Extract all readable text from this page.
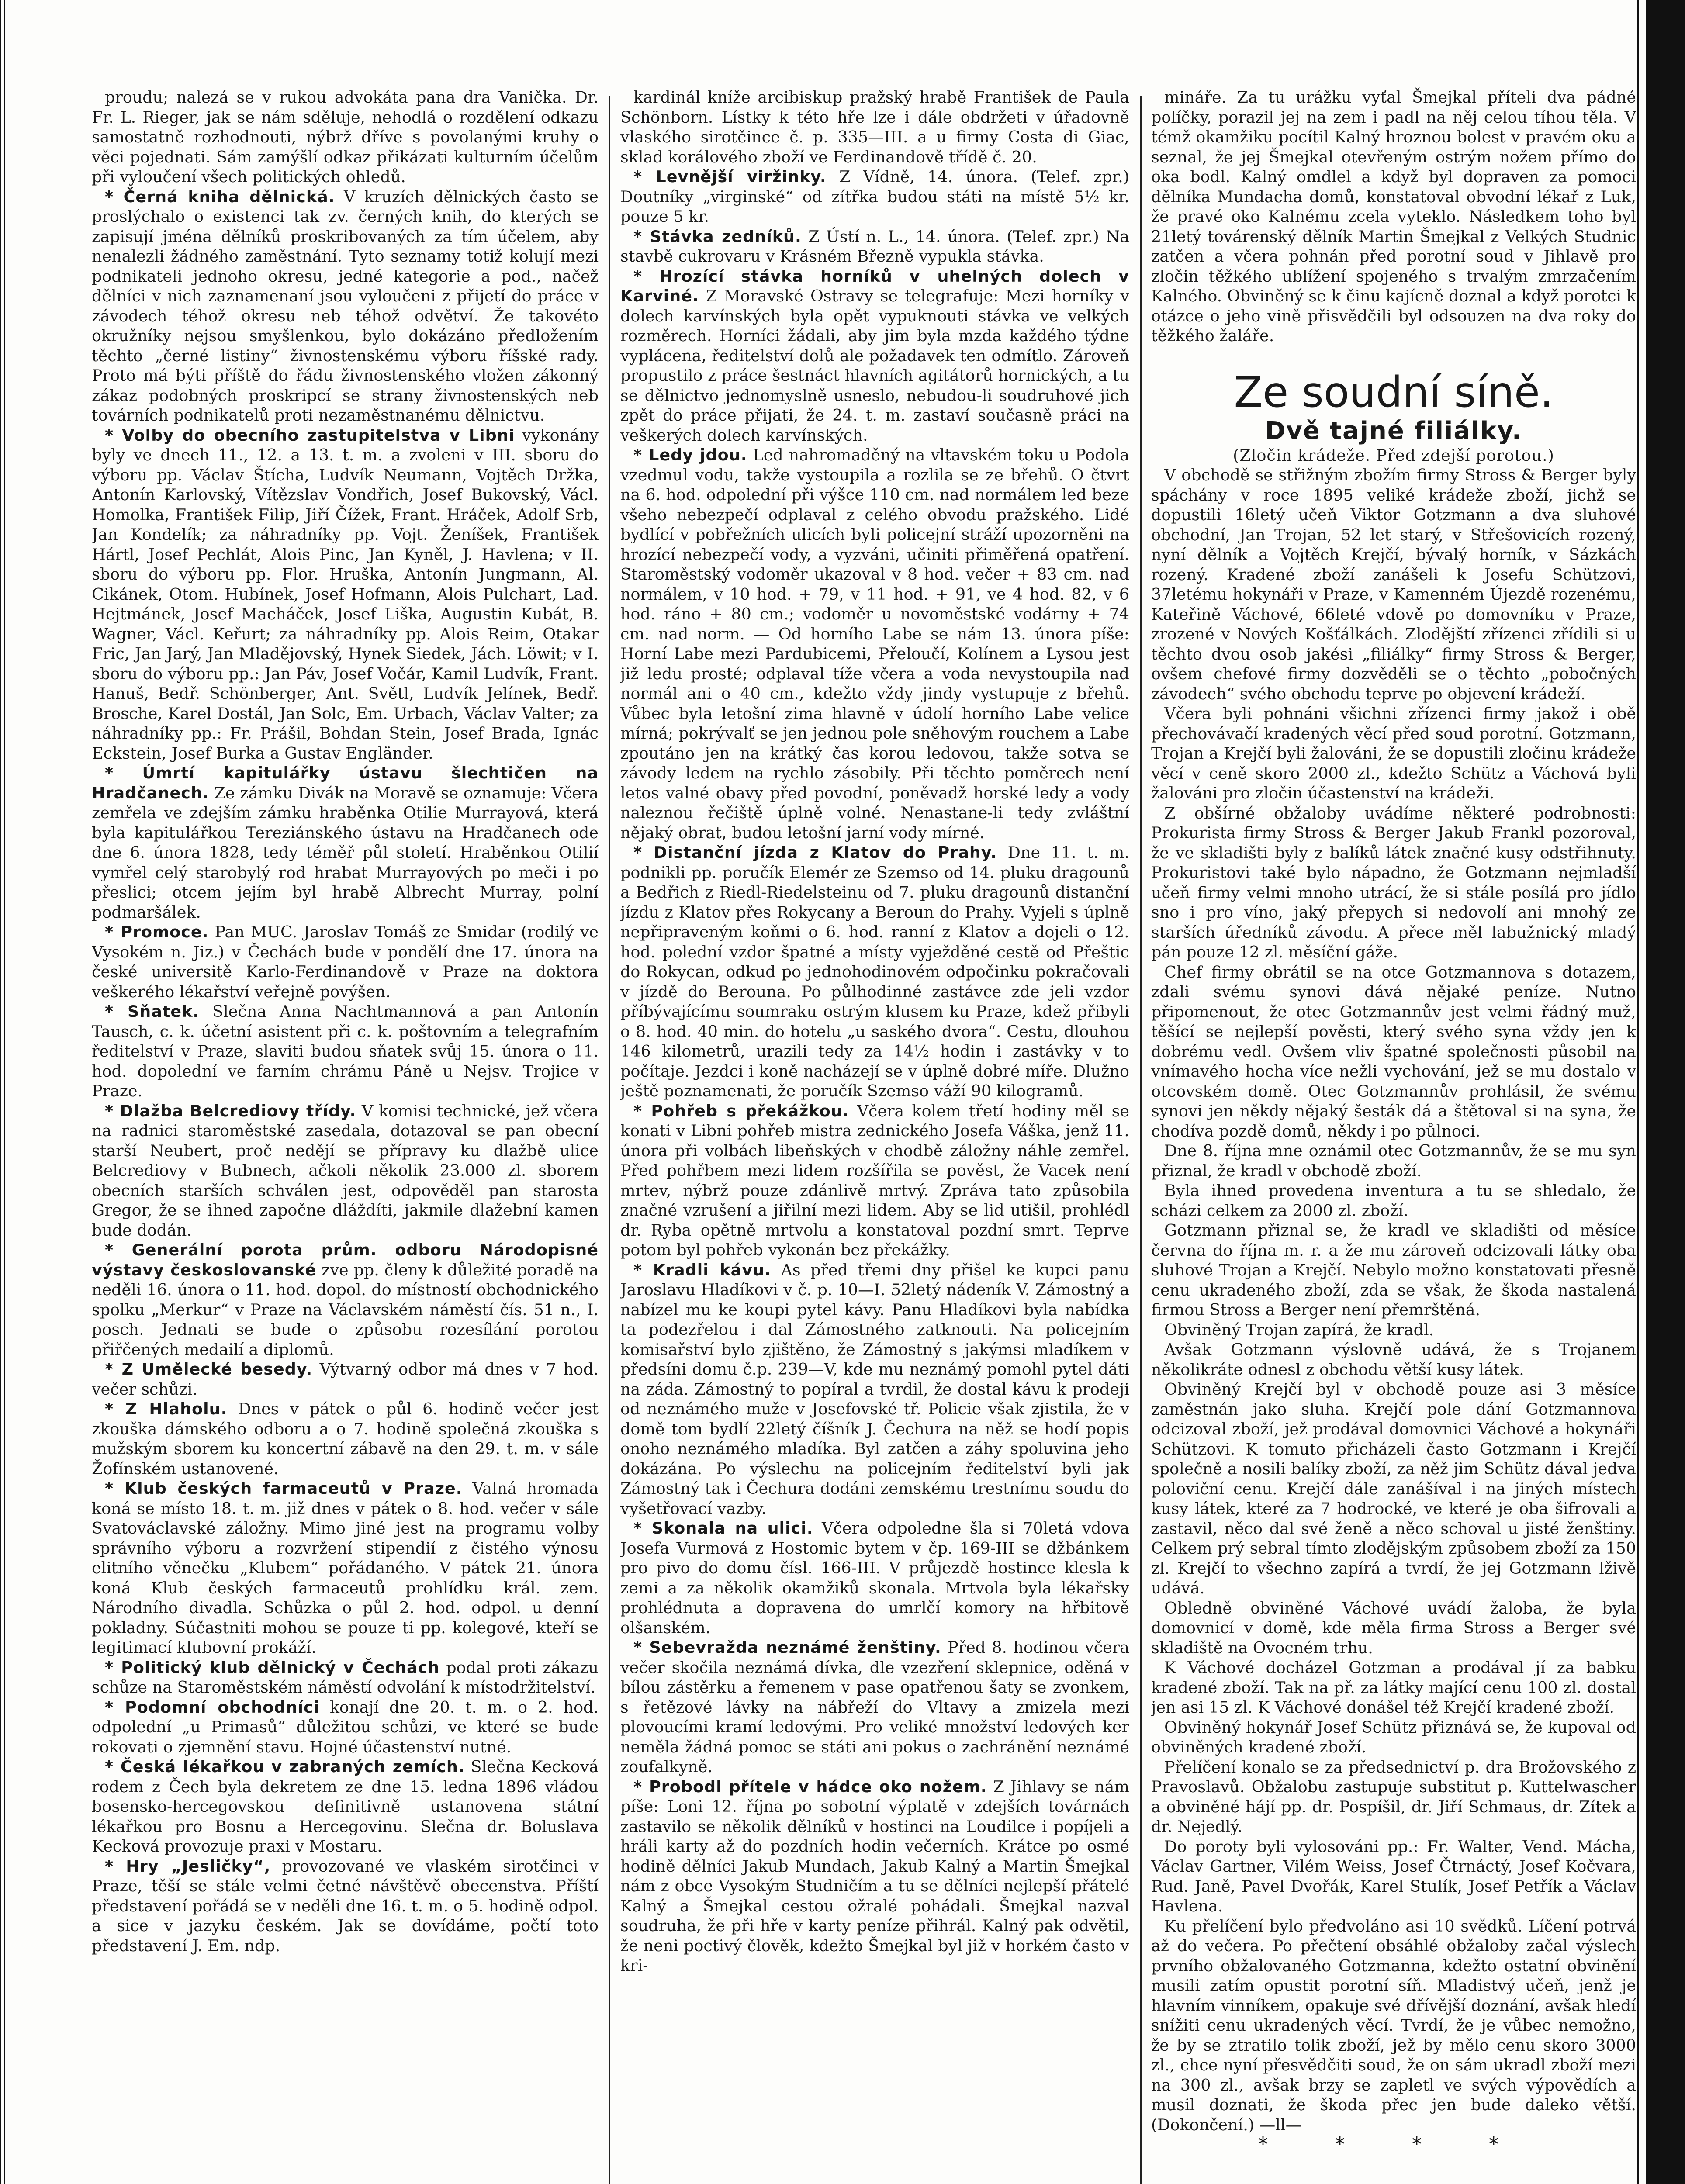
proudu; nalezá se v rukou advokáta pana dra Vanička. Dr. Fr. L. Rieger, jak se nám sděluje, nehodlá o rozdělení odkazu samostatně rozhodnouti, nýbrž dříve s povolanými kruhy o věci pojednati. Sám zamýšlí odkaz přikázati kulturním účelům při vyloučení všech politických ohledů.

* Černá kniha dělnická. V kruzích dělnických často se proslýchalo o existenci tak zv. černých knih, do kterých se zapisují jména dělníků proskribovaných za tím účelem, aby nenalezli žádného zaměstnání. Tyto seznamy totiž kolují mezi podnikateli jednoho okresu, jedné kategorie a pod., načež dělníci v nich zaznamenaní jsou vyloučeni z přijetí do práce v závodech téhož okresu neb téhož odvětví. Že takovéto okružníky nejsou smyšlenkou, bylo dokázáno předložením těchto „černé listiny“ živnostenskému výboru říšské rady. Proto má býti příště do řádu živnostenského vložen zákonný zákaz podobných proskripcí se strany živnostenských neb továrních podnikatelů proti nezaměstnanému dělnictvu.

* Volby do obecního zastupitelstva v Libni vykonány byly ve dnech 11., 12. a 13. t. m. a zvoleni v III. sboru do výboru pp. Václav Štícha, Ludvík Neumann, Vojtěch Držka, Antonín Karlovský, Vítězslav Vondřich, Josef Bukovský, Václ. Homolka, František Filip, Jiří Čížek, Frant. Hráček, Adolf Srb, Jan Kondelík; za náhradníky pp. Vojt. Ženíšek, František Hártl, Josef Pechlát, Alois Pinc, Jan Kyněl, J. Havlena; v II. sboru do výboru pp. Flor. Hruška, Antonín Jungmann, Al. Cikánek, Otom. Hubínek, Josef Hofmann, Alois Pulchart, Lad. Hejtmánek, Josef Macháček, Josef Liška, Augustin Kubát, B. Wagner, Václ. Keřurt; za náhradníky pp. Alois Reim, Otakar Fric, Jan Jarý, Jan Mladějovský, Hynek Siedek, Jách. Löwit; v I. sboru do výboru pp.: Jan Páv, Josef Vočár, Kamil Ludvík, Frant. Hanuš, Bedř. Schönberger, Ant. Světl, Ludvík Jelínek, Bedř. Brosche, Karel Dostál, Jan Solc, Em. Urbach, Václav Valter; za náhradníky pp.: Fr. Prášil, Bohdan Stein, Josef Brada, Ignác Eckstein, Josef Burka a Gustav Engländer.

* Úmrtí kapitulářky ústavu šlechtičen na Hradčanech. Ze zámku Divák na Moravě se oznamuje: Včera zemřela ve zdejším zámku hraběnka Otilie Murrayová, která byla kapitulářkou Tereziánského ústavu na Hradčanech ode dne 6. února 1828, tedy téměř půl století. Hraběnkou Otilií vymřel celý starobylý rod hrabat Murrayových po meči i po přeslici; otcem jejím byl hrabě Albrecht Murray, polní podmaršálek.

* Promoce. Pan MUC. Jaroslav Tomáš ze Smidar (rodilý ve Vysokém n. Jiz.) v Čechách bude v pondělí dne 17. února na české universitě Karlo-Ferdinandově v Praze na doktora veškerého lékařství veřejně povýšen.

* Sňatek. Slečna Anna Nachtmannová a pan Antonín Tausch, c. k. účetní asistent při c. k. poštovním a telegrafním ředitelství v Praze, slaviti budou sňatek svůj 15. února o 11. hod. dopolední ve farním chrámu Páně u Nejsv. Trojice v Praze.

* Dlažba Belcrediovy třídy. V komisi technické, jež včera na radnici staroměstské zasedala, dotazoval se pan obecní starší Neubert, proč nedějí se přípravy ku dlažbě ulice Belcrediovy v Bubnech, ačkoli několik 23.000 zl. sborem obecních starších schválen jest, odpověděl pan starosta Gregor, že se ihned započne dláždíti, jakmile dlažební kamen bude dodán.

* Generální porota prům. odboru Národopisné výstavy českoslovanské zve pp. členy k důležité poradě na neděli 16. února o 11. hod. dopol. do místností obchodnického spolku „Merkur“ v Praze na Václavském náměstí čís. 51 n., I. posch. Jednati se bude o způsobu rozesílání porotou přiřčených medailí a diplomů.

* Z Umělecké besedy. Výtvarný odbor má dnes v 7 hod. večer schůzi.

* Z Hlaholu. Dnes v pátek o půl 6. hodině večer jest zkouška dámského odboru a o 7. hodině společná zkouška s mužským sborem ku koncertní zábavě na den 29. t. m. v sále Žofínském ustanovené.

* Klub českých farmaceutů v Praze. Valná hromada koná se místo 18. t. m. již dnes v pátek o 8. hod. večer v sále Svatováclavské záložny. Mimo jiné jest na programu volby správního výboru a rozvržení stipendií z čistého výnosu elitního věnečku „Klubem“ pořádaného. V pátek 21. února koná Klub českých farmaceutů prohlídku král. zem. Národního divadla. Schůzka o půl 2. hod. odpol. u denní pokladny. Súčastniti mohou se pouze ti pp. kolegové, kteří se legitimací klubovní prokáží.

* Politický klub dělnický v Čechách podal proti zákazu schůze na Staroměstském náměstí odvolání k místodržitelství.

* Podomní obchodníci konají dne 20. t. m. o 2. hod. odpolední „u Primasů“ důležitou schůzi, ve které se bude rokovati o zjemnění stavu. Hojné účastenství nutné.

* Česká lékařkou v zabraných zemích. Slečna Kecková rodem z Čech byla dekretem ze dne 15. ledna 1896 vládou bosensko-hercegovskou definitivně ustanovena státní lékařkou pro Bosnu a Hercegovinu. Slečna dr. Boluslava Kecková provozuje praxi v Mostaru.

* Hry „Jesličky“, provozované ve vlaském sirotčinci v Praze, těší se stále velmi četné návštěvě obecenstva. Příští představení pořádá se v neděli dne 16. t. m. o 5. hodině odpol. a sice v jazyku českém. Jak se dovídáme, počtí toto představení J. Em. ndp.

kardinál kníže arcibiskup pražský hrabě František de Paula Schönborn. Lístky k této hře lze i dále obdržeti v úřadovně vlaského sirotčince č. p. 335—III. a u firmy Costa di Giac, sklad korálového zboží ve Ferdinandově třídě č. 20.

* Levnější viržinky. Z Vídně, 14. února. (Telef. zpr.) Doutníky „virginské“ od zítřka budou státi na místě 5½ kr. pouze 5 kr.

* Stávka zedníků. Z Ústí n. L., 14. února. (Telef. zpr.) Na stavbě cukrovaru v Krásném Březně vypukla stávka.

* Hrozící stávka horníků v uhelných dolech v Karviné. Z Moravské Ostravy se telegrafuje: Mezi horníky v dolech karvínských byla opět vypuknouti stávka ve velkých rozměrech. Horníci žádali, aby jim byla mzda každého týdne vyplácena, ředitelství dolů ale požadavek ten odmítlo. Zároveň propustilo z práce šestnáct hlavních agitátorů hornických, a tu se dělnictvo jednomyslně usneslo, nebudou-li soudruhové jich zpět do práce přijati, že 24. t. m. zastaví současně práci na veškerých dolech karvínských.

* Ledy jdou. Led nahromaděný na vltavském toku u Podola vzedmul vodu, takže vystoupila a rozlila se ze břehů. O čtvrt na 6. hod. odpolední při výšce 110 cm. nad normálem led beze všeho nebezpečí odplaval z celého obvodu pražského. Lidé bydlící v pobřežních ulicích byli policejní stráží upozorněni na hrozící nebezpečí vody, a vyzváni, učiniti přiměřená opatření. Staroměstský vodoměr ukazoval v 8 hod. večer + 83 cm. nad normálem, v 10 hod. + 79, v 11 hod. + 91, ve 4 hod. 82, v 6 hod. ráno + 80 cm.; vodoměr u novoměstské vodárny + 74 cm. nad norm. — Od horního Labe se nám 13. února píše: Horní Labe mezi Pardubicemi, Přeloučí, Kolínem a Lysou jest již ledu prosté; odplaval tíže včera a voda nevystoupila nad normál ani o 40 cm., kdežto vždy jindy vystupuje z břehů. Vůbec byla letošní zima hlavně v údolí horního Labe velice mírná; pokrývalť se jen jednou pole sněhovým rouchem a Labe zpoutáno jen na krátký čas korou ledovou, takže sotva se závody ledem na rychlo zásobily. Při těchto poměrech není letos valné obavy před povodní, poněvadž horské ledy a vody naleznou řečiště úplně volné. Nenastane-li tedy zvláštní nějaký obrat, budou letošní jarní vody mírné.

* Distanční jízda z Klatov do Prahy. Dne 11. t. m. podnikli pp. poručík Elemér ze Szemso od 14. pluku dragounů a Bedřich z Riedl-Riedelsteinu od 7. pluku dragounů distanční jízdu z Klatov přes Rokycany a Beroun do Prahy. Vyjeli s úplně nepřipraveným koňmi o 6. hod. ranní z Klatov a dojeli o 12. hod. polední vzdor špatné a místy vyježděné cestě od Přeštic do Rokycan, odkud po jednohodinovém odpočinku pokračovali v jízdě do Berouna. Po půlhodinné zastávce zde jeli vzdor příbývajícímu soumraku ostrým klusem ku Praze, kdež přibyli o 8. hod. 40 min. do hotelu „u saského dvora“. Cestu, dlouhou 146 kilometrů, urazili tedy za 14½ hodin i zastávky v to počítaje. Jezdci i koně nacházejí se v úplně dobré míře. Dlužno ještě poznamenati, že poručík Szemso váží 90 kilogramů.

* Pohřeb s překážkou. Včera kolem třetí hodiny měl se konati v Libni pohřeb mistra zednického Josefa Váška, jenž 11. února při volbách libeňských v chodbě záložny náhle zemřel. Před pohřbem mezi lidem rozšířila se pověst, že Vacek není mrtev, nýbrž pouze zdánlivě mrtvý. Zpráva tato způsobila značné vzrušení a jiřilní mezi lidem. Aby se lid utišil, prohlédl dr. Ryba opětně mrtvolu a konstatoval pozdní smrt. Teprve potom byl pohřeb vykonán bez překážky.

* Kradli kávu. As před třemi dny přišel ke kupci panu Jaroslavu Hladíkovi v č. p. 10—I. 52letý nádeník V. Zámostný a nabízel mu ke koupi pytel kávy. Panu Hladíkovi byla nabídka ta podezřelou i dal Zámostného zatknouti. Na policejním komisařství bylo zjištěno, že Zámostný s jakýmsi mladíkem v předsíni domu č.p. 239—V, kde mu neznámý pomohl pytel dáti na záda. Zámostný to popíral a tvrdil, že dostal kávu k prodeji od neznámého muže v Josefovské tř. Policie však zjistila, že v domě tom bydlí 22letý číšník J. Čechura na něž se hodí popis onoho neznámého mladíka. Byl zatčen a záhy spoluvina jeho dokázána. Po výslechu na policejním ředitelství byli jak Zámostný tak i Čechura dodáni zemskému trestnímu soudu do vyšetřovací vazby.

* Skonala na ulici. Včera odpoledne šla si 70letá vdova Josefa Vurmová z Hostomic bytem v čp. 169-III se džbánkem pro pivo do domu čísl. 166-III. V průjezdě hostince klesla k zemi a za několik okamžiků skonala. Mrtvola byla lékařsky prohlédnuta a dopravena do umrlčí komory na hřbitově olšanském.

* Sebevražda neznámé ženštiny. Před 8. hodinou včera večer skočila neznámá dívka, dle vzezření sklepnice, oděná v bílou zástěrku a řemenem v pase opatřenou šaty se zvonkem, s řetězové lávky na nábřeží do Vltavy a zmizela mezi plovoucími kramí ledovými. Pro veliké množství ledových ker neměla žádná pomoc se státi ani pokus o zachránění neznámé zoufalkyně.

* Probodl přítele v hádce oko nožem. Z Jihlavy se nám píše: Loni 12. října po sobotní výplatě v zdejších továrnách zastavilo se několik dělníků v hostinci na Loudilce i popíjeli a hráli karty až do pozdních hodin večerních. Krátce po osmé hodině dělníci Jakub Mundach, Jakub Kalný a Martin Šmejkal nám z obce Vysokým Studničím a tu se dělníci nejlepší přátelé Kalný a Šmejkal cestou ožralé pohádali. Šmejkal nazval soudruha, že při hře v karty peníze přihrál. Kalný pak odvětil, že neni poctivý člověk, kdežto Šmejkal byl již v horkém často v kri-

mináře. Za tu urážku vyťal Šmejkal příteli dva pádné políčky, porazil jej na zem i padl na něj celou tíhou těla. V témž okamžiku pocítil Kalný hroznou bolest v pravém oku a seznal, že jej Šmejkal otevřeným ostrým nožem přímo do oka bodl. Kalný omdlel a když byl dopraven za pomoci dělníka Mundacha domů, konstatoval obvodní lékař z Luk, že pravé oko Kalnému zcela vyteklo. Následkem toho byl 21letý továrenský dělník Martin Šmejkal z Velkých Studnic zatčen a včera pohnán před porotní soud v Jihlavě pro zločin těžkého ublížení spojeného s trvalým zmrzačením Kalného. Obviněný se k činu kajícně doznal a když porotci k otázce o jeho vině přisvědčili byl odsouzen na dva roky do těžkého žaláře.

Ze soudní síně.

Dvě tajné filiálky.

(Zločin krádeže. Před zdejší porotou.)

V obchodě se střižným zbožím firmy Stross & Berger byly spáchány v roce 1895 veliké krádeže zboží, jichž se dopustili 16letý učeň Viktor Gotzmann a dva sluhové obchodní, Jan Trojan, 52 let starý, v Střešovicích rozený, nyní dělník a Vojtěch Krejčí, bývalý horník, v Sázkách rozený. Kradené zboží zanášeli k Josefu Schützovi, 37letému hokynáři v Praze, v Kamenném Újezdě rozenému, Kateřině Váchové, 66leté vdově po domovníku v Praze, zrozené v Nových Košťálkách. Zlodějští zřízenci zřídili si u těchto dvou osob jakési „filiálky“ firmy Stross & Berger, ovšem chefové firmy dozvěděli se o těchto „pobočných závodech“ svého obchodu teprve po objevení krádeží.

Včera byli pohnáni všichni zřízenci firmy jakož i obě přechovávačí kradených věcí před soud porotní. Gotzmann, Trojan a Krejčí byli žalováni, že se dopustili zločinu krádeže věcí v ceně skoro 2000 zl., kdežto Schütz a Váchová byli žalováni pro zločin účastenství na krádeži.

Z obšírné obžaloby uvádíme některé podrobnosti: Prokurista firmy Stross & Berger Jakub Frankl pozoroval, že ve skladišti byly z balíků látek značné kusy odstřihnuty. Prokuristovi také bylo nápadno, že Gotzmann nejmladší učeň firmy velmi mnoho utrácí, že si stále posílá pro jídlo sno i pro víno, jaký přepych si nedovolí ani mnohý ze starších úředníků závodu. A přece měl labužnický mladý pán pouze 12 zl. měsíční gáže.

Chef firmy obrátil se na otce Gotzmannova s dotazem, zdali svému synovi dává nějaké peníze. Nutno připomenout, že otec Gotzmannův jest velmi řádný muž, těšící se nejlepší pověsti, který svého syna vždy jen k dobrému vedl. Ovšem vliv špatné společnosti působil na vnímavého hocha více nežli vychování, jež se mu dostalo v otcovském domě. Otec Gotzmannův prohlásil, že svému synovi jen někdy nějaký šesták dá a štětoval si na syna, že chodíva pozdě domů, někdy i po půlnoci.

Dne 8. října mne oznámil otec Gotzmannův, že se mu syn přiznal, že kradl v obchodě zboží.

Byla ihned provedena inventura a tu se shledalo, že scházi celkem za 2000 zl. zboží.

Gotzmann přiznal se, že kradl ve skladišti od měsíce června do října m. r. a že mu zároveň odcizovali látky oba sluhové Trojan a Krejčí. Nebylo možno konstatovati přesně cenu ukradeného zboží, zda se však, že škoda nastalená firmou Stross a Berger není přemrštěná.

Obviněný Trojan zapírá, že kradl.

Avšak Gotzmann výslovně udává, že s Trojanem několikráte odnesl z obchodu větší kusy látek.

Obviněný Krejčí byl v obchodě pouze asi 3 měsíce zaměstnán jako sluha. Krejčí pole dání Gotzmannova odcizoval zboží, jež prodával domovnici Váchové a hokynáři Schützovi. K tomuto přicházeli často Gotzmann i Krejčí společně a nosili balíky zboží, za něž jim Schütz dával jedva poloviční cenu. Krejčí dále zanášíval i na jiných místech kusy látek, které za 7 hodrocké, ve které je oba šifrovali a zastavil, něco dal své ženě a něco schoval u jisté ženštiny. Celkem prý sebral tímto zlodějským způsobem zboží za 150 zl. Krejčí to všechno zapírá a tvrdí, že jej Gotzmann lživě udává.

Obledně obviněné Váchové uvádí žaloba, že byla domovnicí v domě, kde měla firma Stross a Berger své skladiště na Ovocném trhu.

K Váchové docházel Gotzman a prodával jí za babku kradené zboží. Tak na př. za látky mající cenu 100 zl. dostal jen asi 15 zl. K Váchové donášel též Krejčí kradené zboží.

Obviněný hokynář Josef Schütz přiznává se, že kupoval od obviněných kradené zboží.

Přelíčení konalo se za předsednictví p. dra Brožovského z Pravoslavů. Obžalobu zastupuje substitut p. Kuttelwascher a obviněné hájí pp. dr. Pospíšil, dr. Jiří Schmaus, dr. Zítek a dr. Nejedlý.

Do poroty byli vylosováni pp.: Fr. Walter, Vend. Mácha, Václav Gartner, Vilém Weiss, Josef Čtrnáctý, Josef Kočvara, Rud. Janě, Pavel Dvořák, Karel Stulík, Josef Petřík a Václav Havlena.

Ku přelíčení bylo předvoláno asi 10 svědků. Líčení potrvá až do večera. Po přečtení obsáhlé obžaloby začal výslech prvního obžalovaného Gotzmanna, kdežto ostatní obvinění musili zatím opustit porotní síň. Mladistvý učeň, jenž je hlavním vinníkem, opakuje své dřívější doznání, avšak hledí snížiti cenu ukradených věcí. Tvrdí, že je vůbec nemožno, že by se ztratilo tolik zboží, jež by mělo cenu skoro 3000 zl., chce nyní přesvědčiti soud, že on sám ukradl zboží mezi na 300 zl., avšak brzy se zapletl ve svých výpovědích a musil doznati, že škoda přec jen bude daleko větší. (Dokončení.) —ll—

* * * *
